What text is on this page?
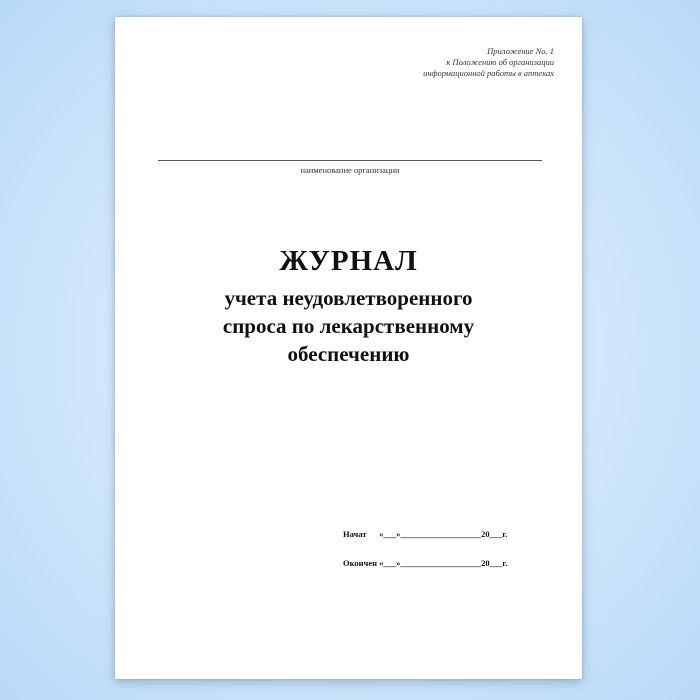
Приложение No. 1
к Положению об организации
информационной работы в аптеках
наименование организации
ЖУРНАЛ
учета неудовлетворенного
спроса по лекарственному
обеспечению
Начат «___»___________________20___г.
Окончен «___»___________________20___г.
